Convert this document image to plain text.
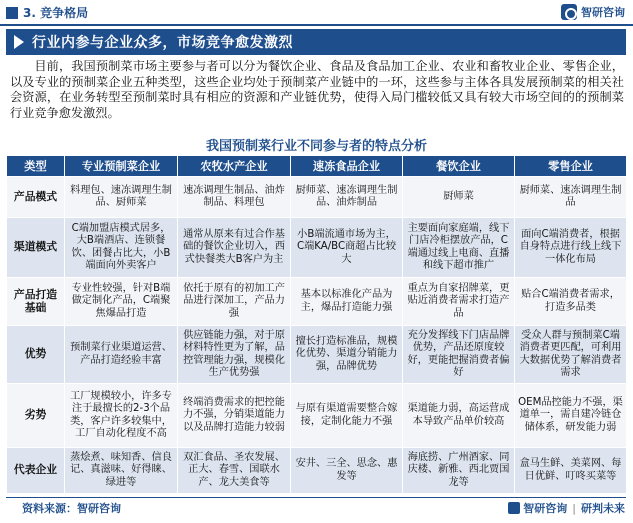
3. 竞争格局	智研咨询
行业内参与企业众多，市场竞争愈发激烈

目前，我国预制菜市场主要参与者可以分为餐饮企业、食品及食品加工企业、农业和畜牧业企业、零售企业，以及专业的预制菜企业五种类型，这些企业均处于预制菜产业链中的一环，这些参与主体各具发展预制菜的相关社会资源，在业务转型至预制菜时具有相应的资源和产业链优势，使得入局门槛较低又具有较大市场空间的的预制菜行业竞争愈发激烈。

我国预制菜行业不同参与者的特点分析
类型	专业预制菜企业	农牧水产企业	速冻食品企业	餐饮企业	零售企业
产品模式	料理包、速冻调理生制品、厨师菜	速冻调理生制品、油炸制品、料理包	厨师菜、速冻调理生制品、油炸制品	厨师菜	厨师菜、速冻调理生制品
渠道模式	C端加盟店模式居多，大B端酒店、连锁餐饮、团餐占比大，小B端面向外卖客户	通常从原来有过合作基础的餐饮企业切入，西式快餐类大B客户为主	小B端流通市场为主，C端KA/BC商超占比较大	主要面向家庭端，线下门店冷柜摆放产品，C端通过线上电商、直播和线下超市推广	面向C端消费者，根据自身特点进行线上线下一体化布局
产品打造基础	专业性较强，针对B端做定制化产品，C端聚焦爆品打造	依托于原有的初加工产品进行深加工，产品力强	基本以标准化产品为主，爆品打造能力强	重点为自家招牌菜，更贴近消费者需求打造产品	贴合C端消费者需求，打造多品类
优势	预制菜行业渠道运营、产品打造经验丰富	供应链能力强，对于原材料特性更为了解，品控管理能力强，规模化生产优势强	擅长打造标准品，规模化优势、渠道分销能力强，品牌优势	充分发挥线下门店品牌优势，产品还原度较好，更能把握消费者偏好	受众人群与预制菜C端消费者更匹配，可利用大数据优势了解消费者需求
劣势	工厂规模较小，许多专注于最擅长的2-3个品类，客户许多较集中，工厂自动化程度不高	终端消费需求的把控能力不强，分销渠道能力以及品牌打造能力较弱	与原有渠道需要整合嫁接，定制化能力不强	渠道能力弱，高运营成本导致产品单价较高	OEM品控能力不强，渠道单一，需自建冷链仓储体系，研发能力弱
代表企业	蒸烩煮、味知香、信良记、真滋味、好得睐、绿进等	双汇食品、圣农发展、正大、春雪、国联水产、龙大美食等	安井、三全、思念、惠发等	海底捞、广州酒家、同庆楼、新雅、西北贾国龙等	盒马生鲜、美菜网、每日优鲜、叮咚买菜等
资料来源：智研咨询	智研咨询 | 研判未来
